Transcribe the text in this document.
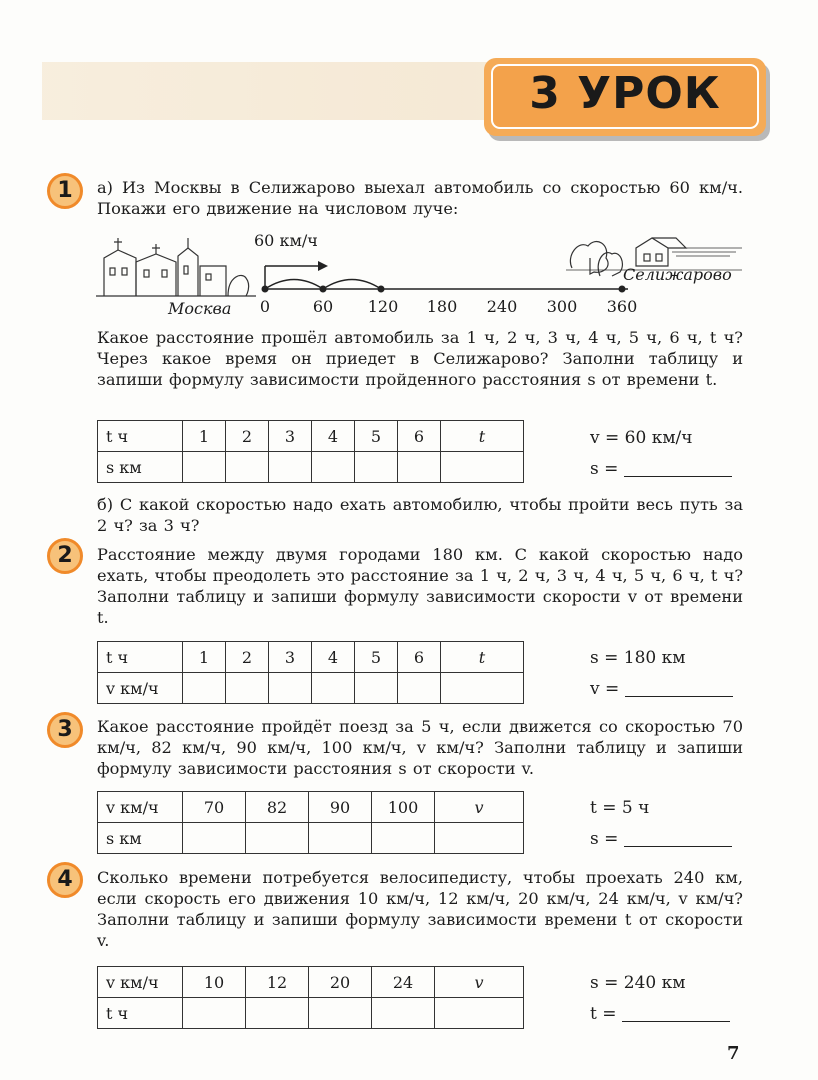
3 УРОК
1	а) Из Москвы в Селижарово выехал автомобиль со скоростью 60 км/ч. Покажи его движение на числовом луче:
Москва
60 км/ч
0	60 120 180 240 300 360
Селижарово
Какое расстояние прошёл автомобиль за 1 ч, 2 ч, 3 ч, 4 ч, 5 ч, 6 ч, t ч? Через какое время он приедет в Селижарово? Заполни таблицу и запиши формулу зависимости пройденного расстояния s от времени t.
t ч	1	2	3	4	5	6	t
s км							
v = 60 км/ч
s =
б) С какой скоростью надо ехать автомобилю, чтобы пройти весь путь за 2 ч? за 3 ч?
2	Расстояние между двумя городами 180 км. С какой скоростью надо ехать, чтобы преодолеть это расстояние за 1 ч, 2 ч, 3 ч, 4 ч, 5 ч, 6 ч, t ч? Заполни таблицу и запиши формулу зависимости скорости v от времени t.
t ч	1	2	3	4	5	6	t
v км/ч							
s = 180 км
v =
3	Какое расстояние пройдёт поезд за 5 ч, если движется со скоростью 70 км/ч, 82 км/ч, 90 км/ч, 100 км/ч, v км/ч? Заполни таблицу и запиши формулу зависимости расстояния s от скорости v.
v км/ч	70	82	90	100	v
s км					
t = 5 ч
s =
4	Сколько времени потребуется велосипедисту, чтобы проехать 240 км, если скорость его движения 10 км/ч, 12 км/ч, 20 км/ч, 24 км/ч, v км/ч? Заполни таблицу и запиши формулу зависимости времени t от скорости v.
v км/ч	10	12	20	24	v
t ч					
s = 240 км
t =
7
